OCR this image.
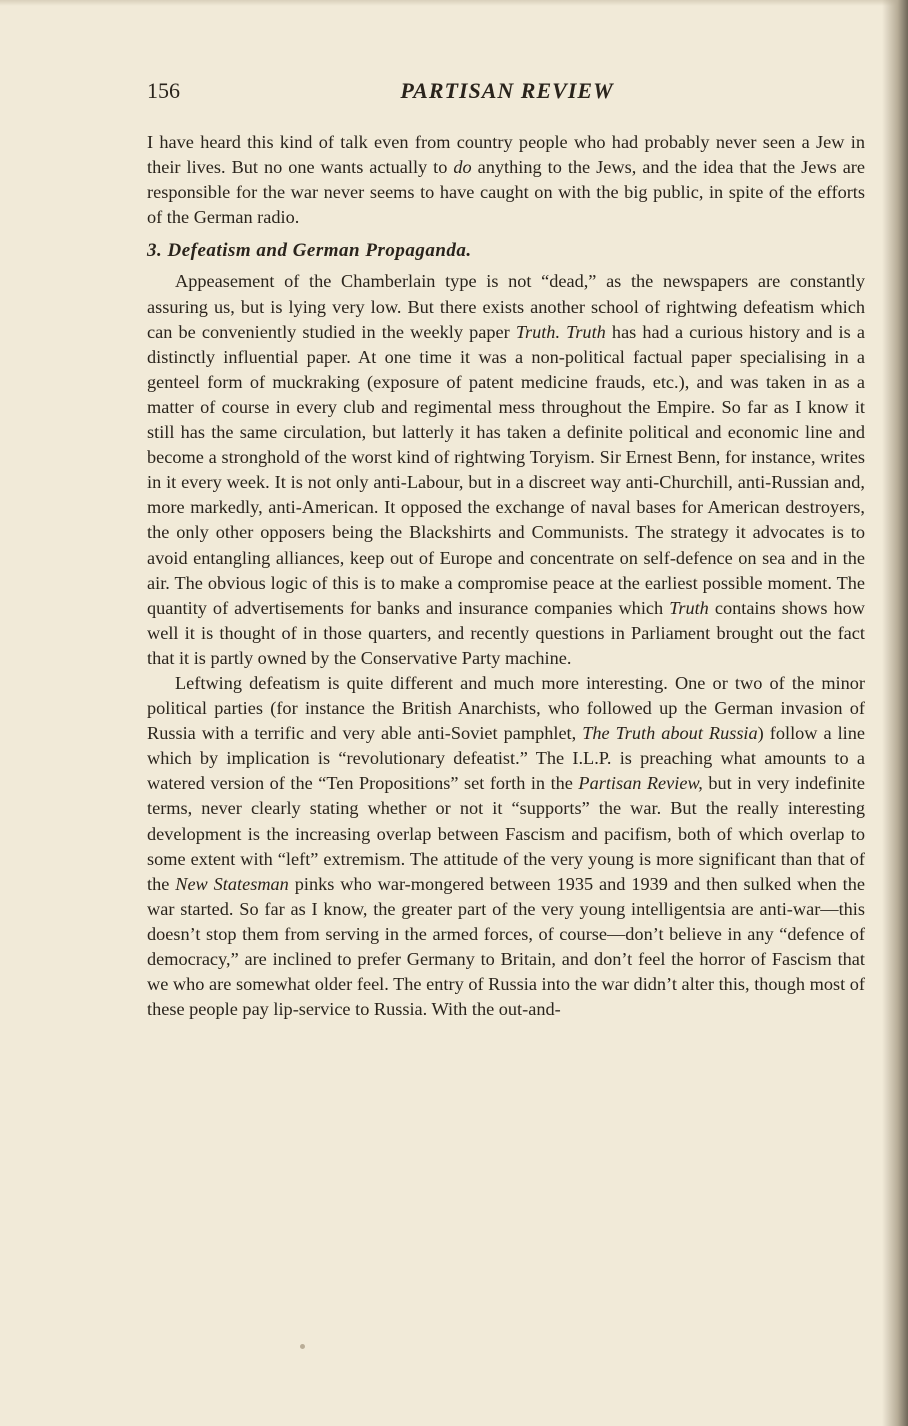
156	PARTISAN REVIEW

I have heard this kind of talk even from country people who had probably never seen a Jew in their lives. But no one wants actually to do anything to the Jews, and the idea that the Jews are responsible for the war never seems to have caught on with the big public, in spite of the efforts of the German radio.

3. Defeatism and German Propaganda.

Appeasement of the Chamberlain type is not “dead,” as the newspapers are constantly assuring us, but is lying very low. But there exists another school of rightwing defeatism which can be conveniently studied in the weekly paper Truth. Truth has had a curious history and is a distinctly influential paper. At one time it was a non-political factual paper specialising in a genteel form of muckraking (exposure of patent medicine frauds, etc.), and was taken in as a matter of course in every club and regimental mess throughout the Empire. So far as I know it still has the same circulation, but latterly it has taken a definite political and economic line and become a stronghold of the worst kind of rightwing Toryism. Sir Ernest Benn, for instance, writes in it every week. It is not only anti-Labour, but in a discreet way anti-Churchill, anti-Russian and, more markedly, anti-American. It opposed the exchange of naval bases for American destroyers, the only other opposers being the Blackshirts and Communists. The strategy it advocates is to avoid entangling alliances, keep out of Europe and concentrate on self-defence on sea and in the air. The obvious logic of this is to make a compromise peace at the earliest possible moment. The quantity of advertisements for banks and insurance companies which Truth contains shows how well it is thought of in those quarters, and recently questions in Parliament brought out the fact that it is partly owned by the Conservative Party machine.

Leftwing defeatism is quite different and much more interesting. One or two of the minor political parties (for instance the British Anarchists, who followed up the German invasion of Russia with a terrific and very able anti-Soviet pamphlet, The Truth about Russia) follow a line which by implication is “revolutionary defeatist.” The I.L.P. is preaching what amounts to a watered version of the “Ten Propositions” set forth in the Partisan Review, but in very indefinite terms, never clearly stating whether or not it “supports” the war. But the really interesting development is the increasing overlap between Fascism and pacifism, both of which overlap to some extent with “left” extremism. The attitude of the very young is more significant than that of the New Statesman pinks who war-mongered between 1935 and 1939 and then sulked when the war started. So far as I know, the greater part of the very young intelligentsia are anti-war—this doesn’t stop them from serving in the armed forces, of course—don’t believe in any “defence of democracy,” are inclined to prefer Germany to Britain, and don’t feel the horror of Fascism that we who are somewhat older feel. The entry of Russia into the war didn’t alter this, though most of these people pay lip-service to Russia. With the out-and-
